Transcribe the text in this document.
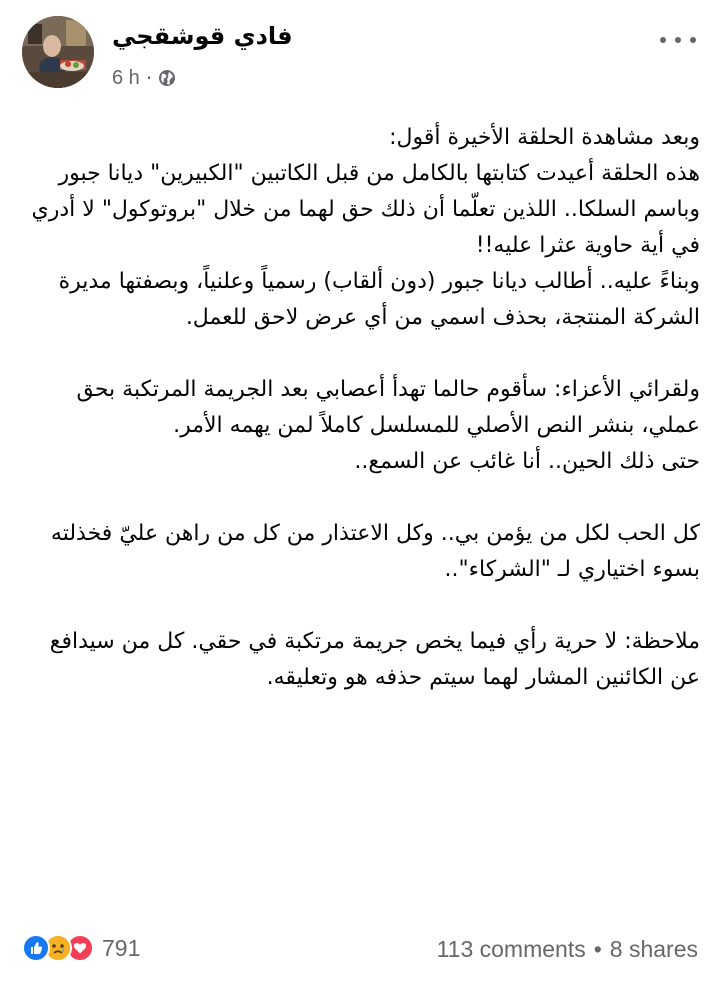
فادي قوشقجي
6 h ·

وبعد مشاهدة الحلقة الأخيرة أقول:

هذه الحلقة أعيدت كتابتها بالكامل من قبل الكاتبين "الكبيرين" ديانا جبور وباسم السلكا.. اللذين تعلّما أن ذلك حق لهما من خلال "بروتوكول" لا أدري في أية حاوية عثرا عليه!!

وبناءً عليه.. أطالب ديانا جبور (دون ألقاب) رسمياً وعلنياً، وبصفتها مديرة الشركة المنتجة، بحذف اسمي من أي عرض لاحق للعمل.

ولقرائي الأعزاء: سأقوم حالما تهدأ أعصابي بعد الجريمة المرتكبة بحق عملي، بنشر النص الأصلي للمسلسل كاملاً لمن يهمه الأمر.

حتى ذلك الحين.. أنا غائب عن السمع..

كل الحب لكل من يؤمن بي.. وكل الاعتذار من كل من راهن عليّ فخذلته بسوء اختياري لـ "الشركاء"..

ملاحظة: لا حرية رأي فيما يخص جريمة مرتكبة في حقي. كل من سيدافع عن الكائنين المشار لهما سيتم حذفه هو وتعليقه.

791	113 comments • 8 shares
